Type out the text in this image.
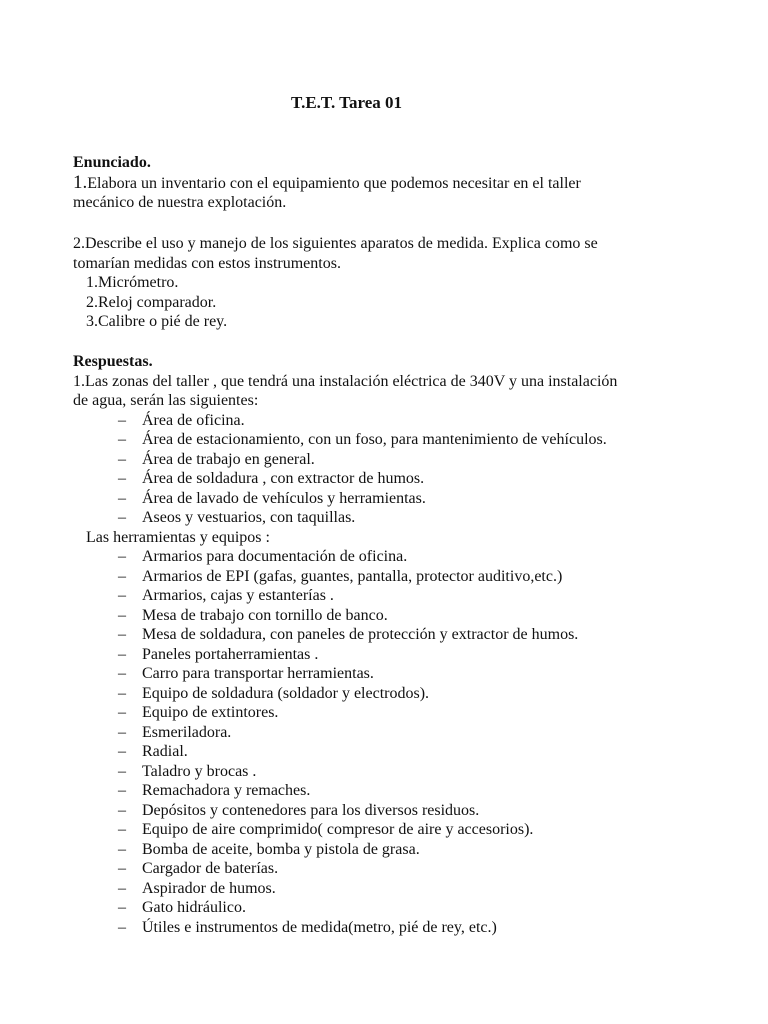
T.E.T. Tarea 01
Enunciado.
1.Elabora un inventario con el equipamiento que podemos necesitar en el taller
mecánico de nuestra explotación.
2.Describe el uso y manejo de los siguientes aparatos de medida. Explica como se
tomarían medidas con estos instrumentos.
1.Micrómetro.
2.Reloj comparador.
3.Calibre o pié de rey.
Respuestas.
1.Las zonas del taller , que tendrá una instalación eléctrica de 340V y una instalación
de agua, serán las siguientes:
– Área de oficina.
– Área de estacionamiento, con un foso, para mantenimiento de vehículos.
– Área de trabajo en general.
– Área de soldadura , con extractor de humos.
– Área de lavado de vehículos y herramientas.
– Aseos y vestuarios, con taquillas.
Las herramientas y equipos :
– Armarios para documentación de oficina.
– Armarios de EPI (gafas, guantes, pantalla, protector auditivo,etc.)
– Armarios, cajas y estanterías .
– Mesa de trabajo con tornillo de banco.
– Mesa de soldadura, con paneles de protección y extractor de humos.
– Paneles portaherramientas .
– Carro para transportar herramientas.
– Equipo de soldadura (soldador y electrodos).
– Equipo de extintores.
– Esmeriladora.
– Radial.
– Taladro y brocas .
– Remachadora y remaches.
– Depósitos y contenedores para los diversos residuos.
– Equipo de aire comprimido( compresor de aire y accesorios).
– Bomba de aceite, bomba y pistola de grasa.
– Cargador de baterías.
– Aspirador de humos.
– Gato hidráulico.
– Útiles e instrumentos de medida(metro, pié de rey, etc.)
